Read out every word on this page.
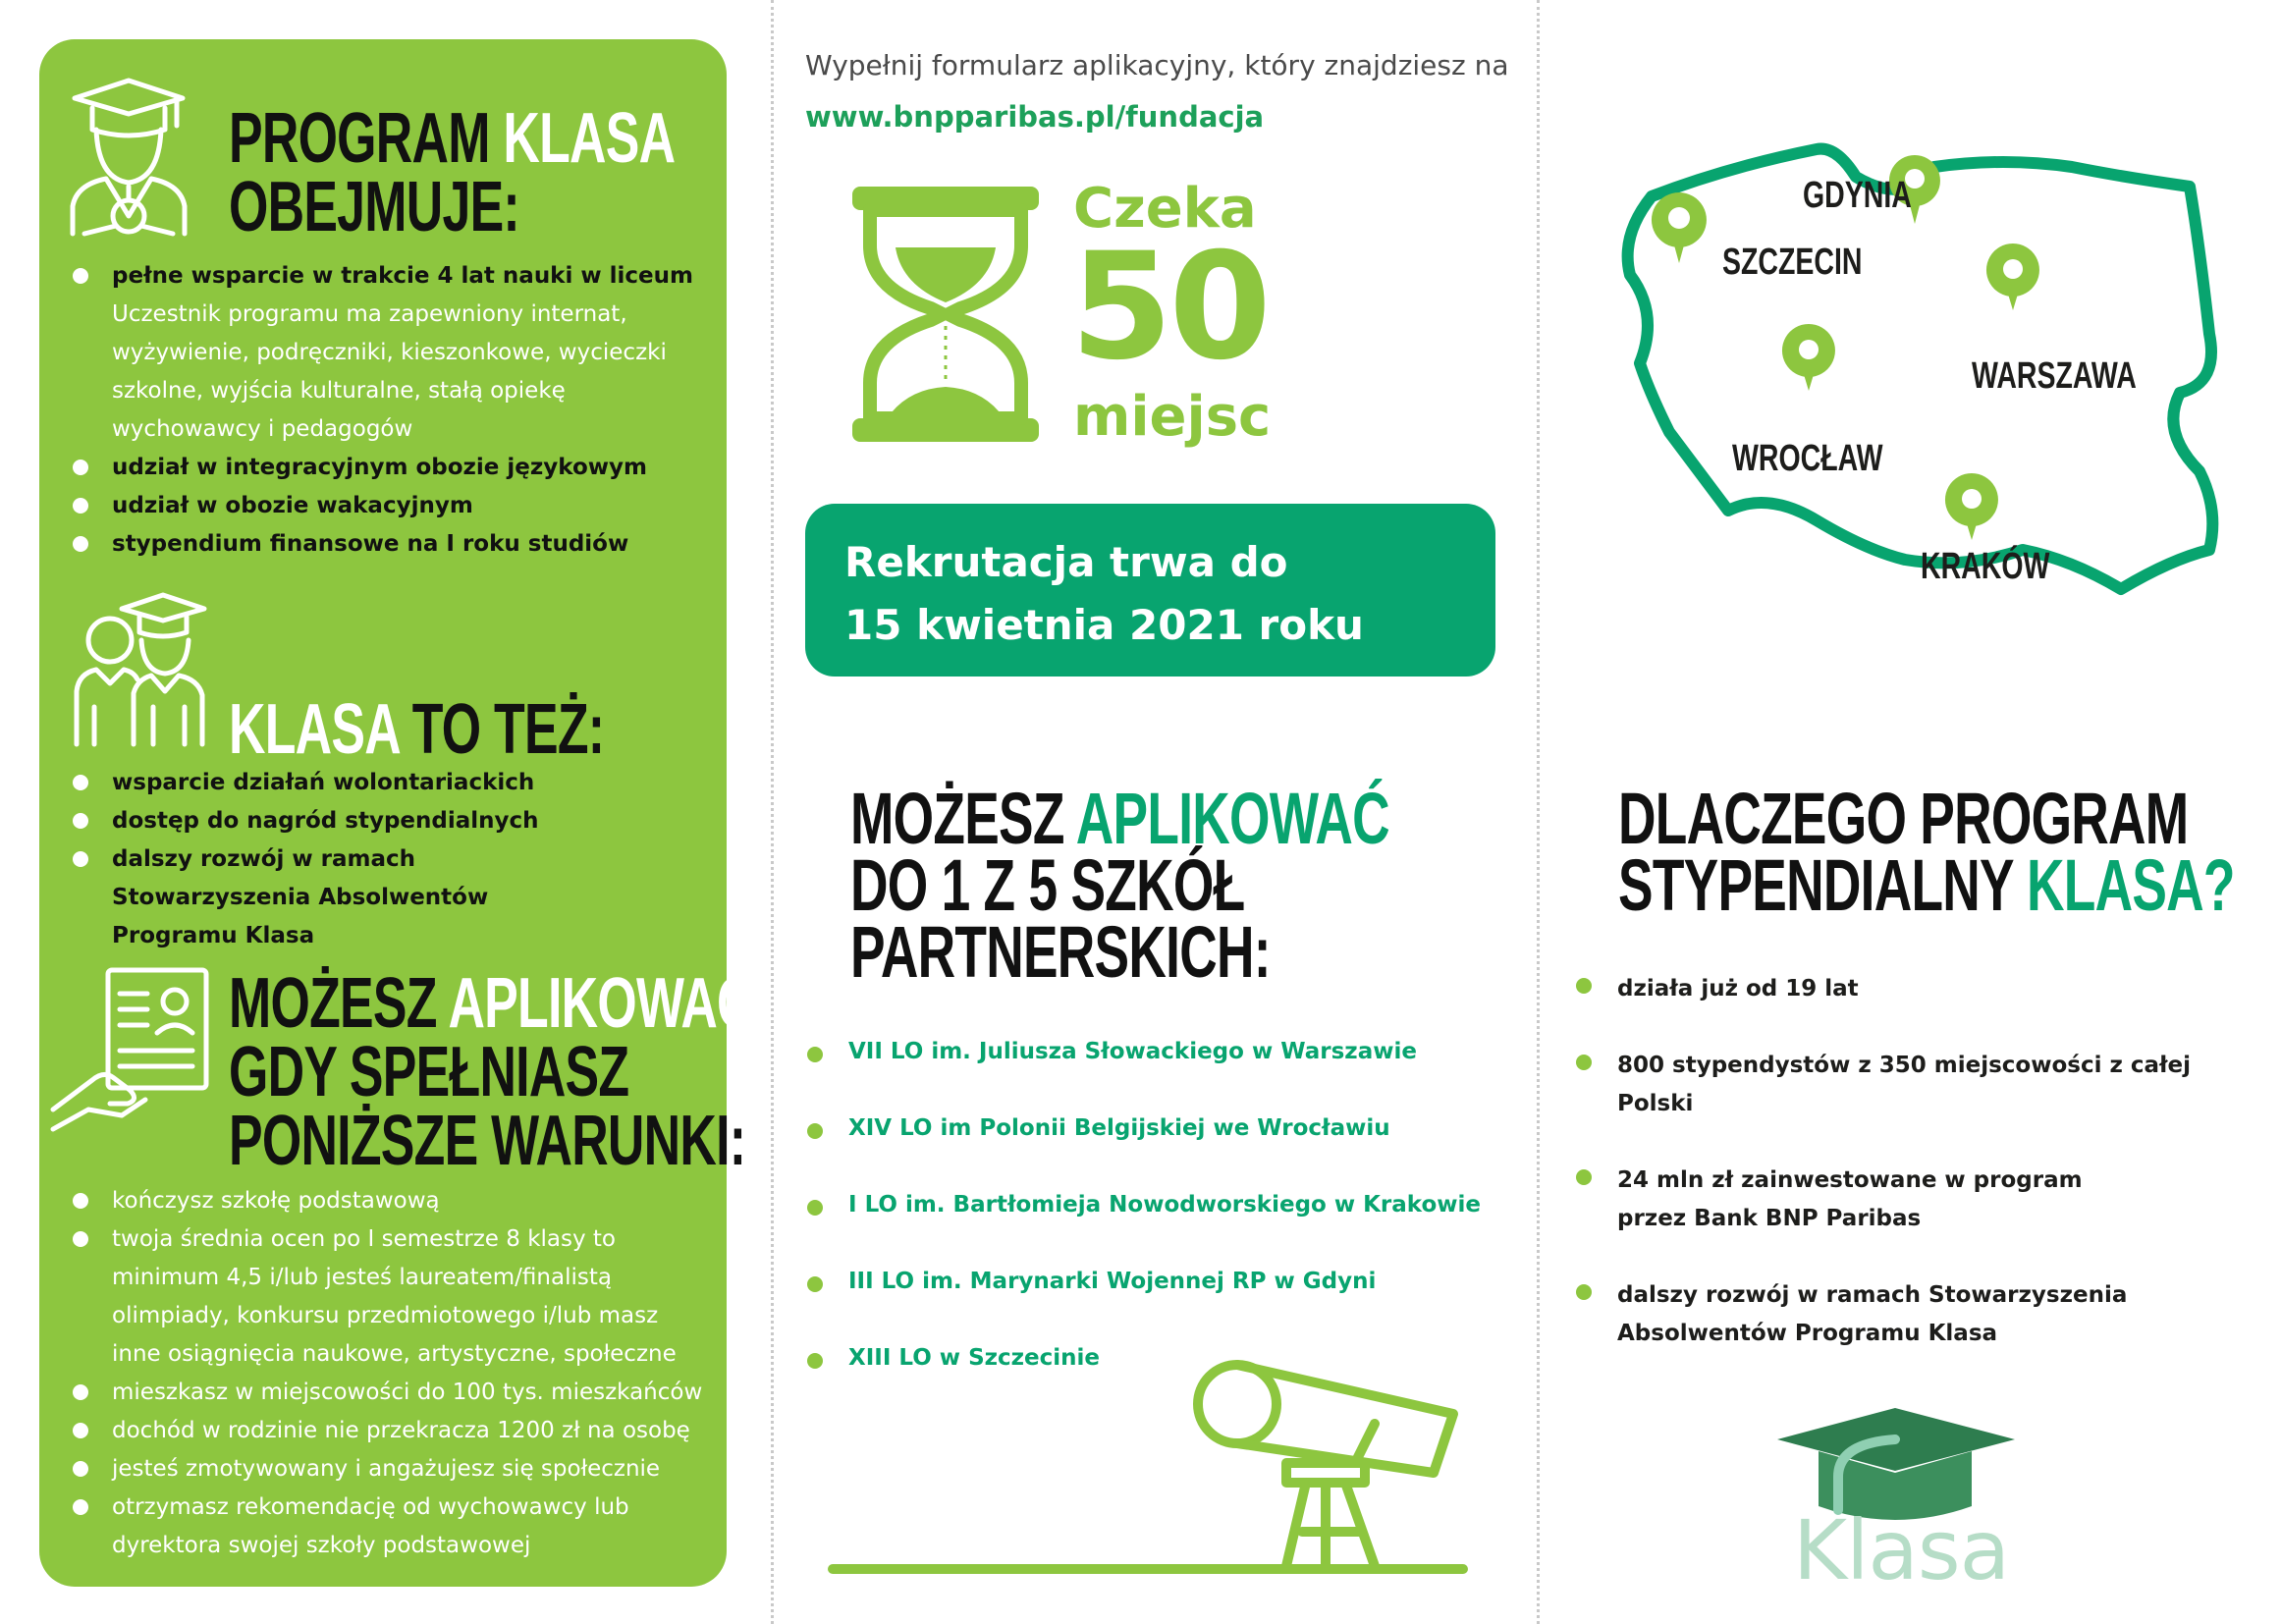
PROGRAM KLASA
OBEJMUJE:
pełne wsparcie w trakcie 4 lat nauki w liceum
Uczestnik programu ma zapewniony internat, wyżywienie, podręczniki, kieszonkowe, wycieczki szkolne, wyjścia kulturalne, stałą opiekę wychowawcy i pedagogów
udział w integracyjnym obozie językowym
udział w obozie wakacyjnym
stypendium finansowe na I roku studiów
KLASA TO TEŻ:
wsparcie działań wolontariackich
dostęp do nagród stypendialnych
dalszy rozwój w ramach Stowarzyszenia Absolwentów Programu Klasa
MOŻESZ APLIKOWAĆ,
GDY SPEŁNIASZ
PONIŻSZE WARUNKI:
kończysz szkołę podstawową
twoja średnia ocen po I semestrze 8 klasy to minimum 4,5 i/lub jesteś laureatem/finalistą olimpiady, konkursu przedmiotowego i/lub masz inne osiągnięcia naukowe, artystyczne, społeczne
mieszkasz w miejscowości do 100 tys. mieszkańców
dochód w rodzinie nie przekracza 1200 zł na osobę
jesteś zmotywowany i angażujesz się społecznie
otrzymasz rekomendację od wychowawcy lub dyrektora swojej szkoły podstawowej
Wypełnij formularz aplikacyjny, który znajdziesz na
www.bnpparibas.pl/fundacja
Czeka
50
miejsc
Rekrutacja trwa do
15 kwietnia 2021 roku
MOŻESZ APLIKOWAĆ
DO 1 Z 5 SZKÓŁ
PARTNERSKICH:
VII LO im. Juliusza Słowackiego w Warszawie
XIV LO im Polonii Belgijskiej we Wrocławiu
I LO im. Bartłomieja Nowodworskiego w Krakowie
III LO im. Marynarki Wojennej RP w Gdyni
XIII LO w Szczecinie
GDYNIA
SZCZECIN
WARSZAWA
WROCŁAW
KRAKÓW
DLACZEGO PROGRAM
STYPENDIALNY KLASA?
działa już od 19 lat
800 stypendystów z 350 miejscowości z całej Polski
24 mln zł zainwestowane w program przez Bank BNP Paribas
dalszy rozwój w ramach Stowarzyszenia Absolwentów Programu Klasa
Klasa
